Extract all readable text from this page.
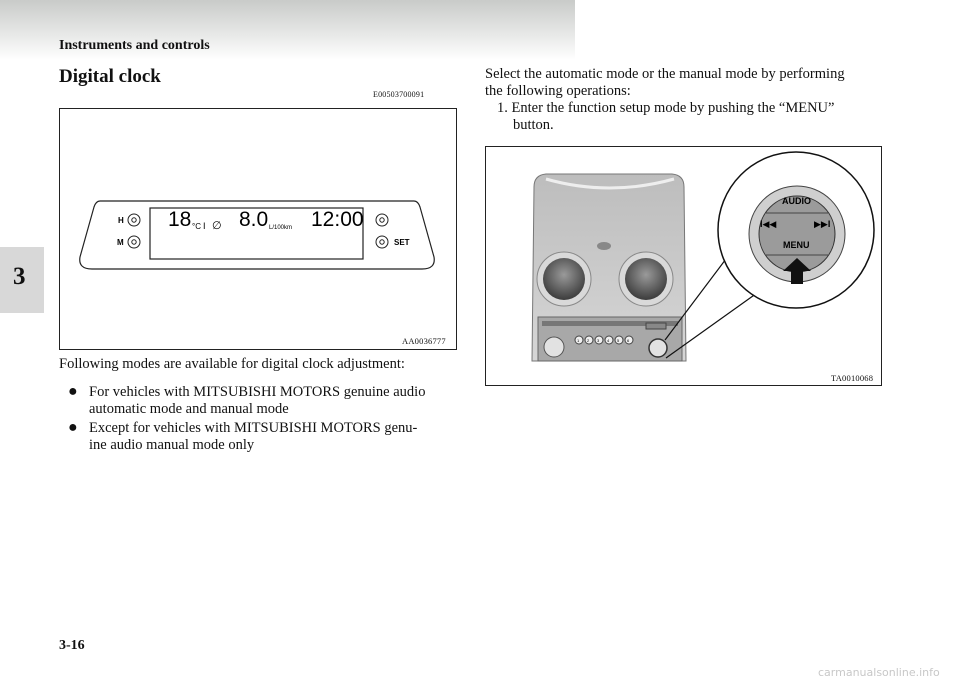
Instruments and controls
3
Digital clock
E00503700091
H
M	SET
18 °C I ∅ 8.0 L/100km 12:00
AA0036777
Following modes are available for digital clock adjustment:
● For vehicles with MITSUBISHI MOTORS genuine audio
automatic mode and manual mode
● Except for vehicles with MITSUBISHI MOTORS genu-
ine audio manual mode only
Select the automatic mode or the manual mode by performing
the following operations:
1. Enter the function setup mode by pushing the “MENU”
button.
1 2 3 4 5 6
AUDIO
I◀◀	▶▶I
MENU
TA0010068
3-16
carmanualsonline.info
